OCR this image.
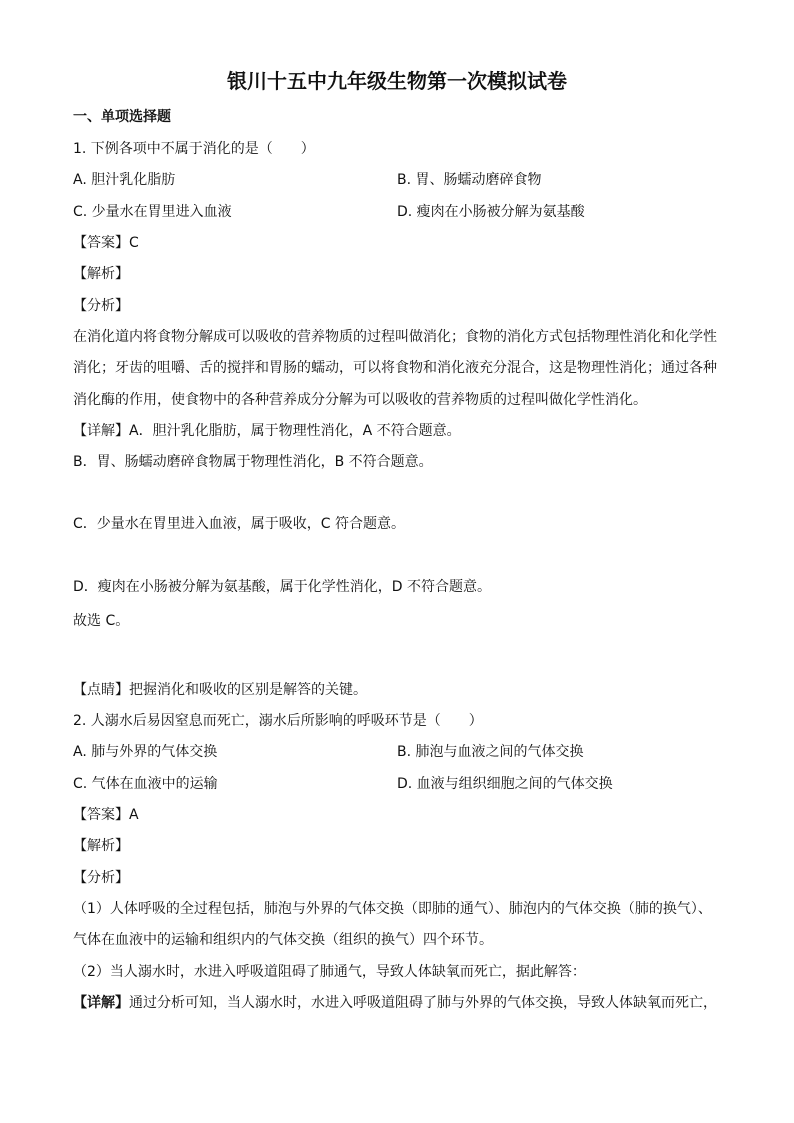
银川十五中九年级生物第一次模拟试卷
一、单项选择题
1. 下例各项中不属于消化的是（　　）
A. 胆汁乳化脂肪	B. 胃、肠蠕动磨碎食物
C. 少量水在胃里进入血液	D. 瘦肉在小肠被分解为氨基酸
【答案】C
【解析】
【分析】
在消化道内将食物分解成可以吸收的营养物质的过程叫做消化；食物的消化方式包括物理性消化和化学性
消化；牙齿的咀嚼、舌的搅拌和胃肠的蠕动，可以将食物和消化液充分混合，这是物理性消化；通过各种
消化酶的作用，使食物中的各种营养成分分解为可以吸收的营养物质的过程叫做化学性消化。
【详解】A．胆汁乳化脂肪，属于物理性消化，A 不符合题意。
B．胃、肠蠕动磨碎食物属于物理性消化，B 不符合题意。
C．少量水在胃里进入血液，属于吸收，C 符合题意。
D．瘦肉在小肠被分解为氨基酸，属于化学性消化，D 不符合题意。
故选 C。
【点睛】把握消化和吸收的区别是解答的关键。
2. 人溺水后易因窒息而死亡，溺水后所影响的呼吸环节是（　　）
A. 肺与外界的气体交换	B. 肺泡与血液之间的气体交换
C. 气体在血液中的运输	D. 血液与组织细胞之间的气体交换
【答案】A
【解析】
【分析】
（1）人体呼吸的全过程包括，肺泡与外界的气体交换（即肺的通气）、肺泡内的气体交换（肺的换气）、
气体在血液中的运输和组织内的气体交换（组织的换气）四个环节。
（2）当人溺水时，水进入呼吸道阻碍了肺通气，导致人体缺氧而死亡，据此解答：
【详解】通过分析可知，当人溺水时，水进入呼吸道阻碍了肺与外界的气体交换，导致人体缺氧而死亡，
